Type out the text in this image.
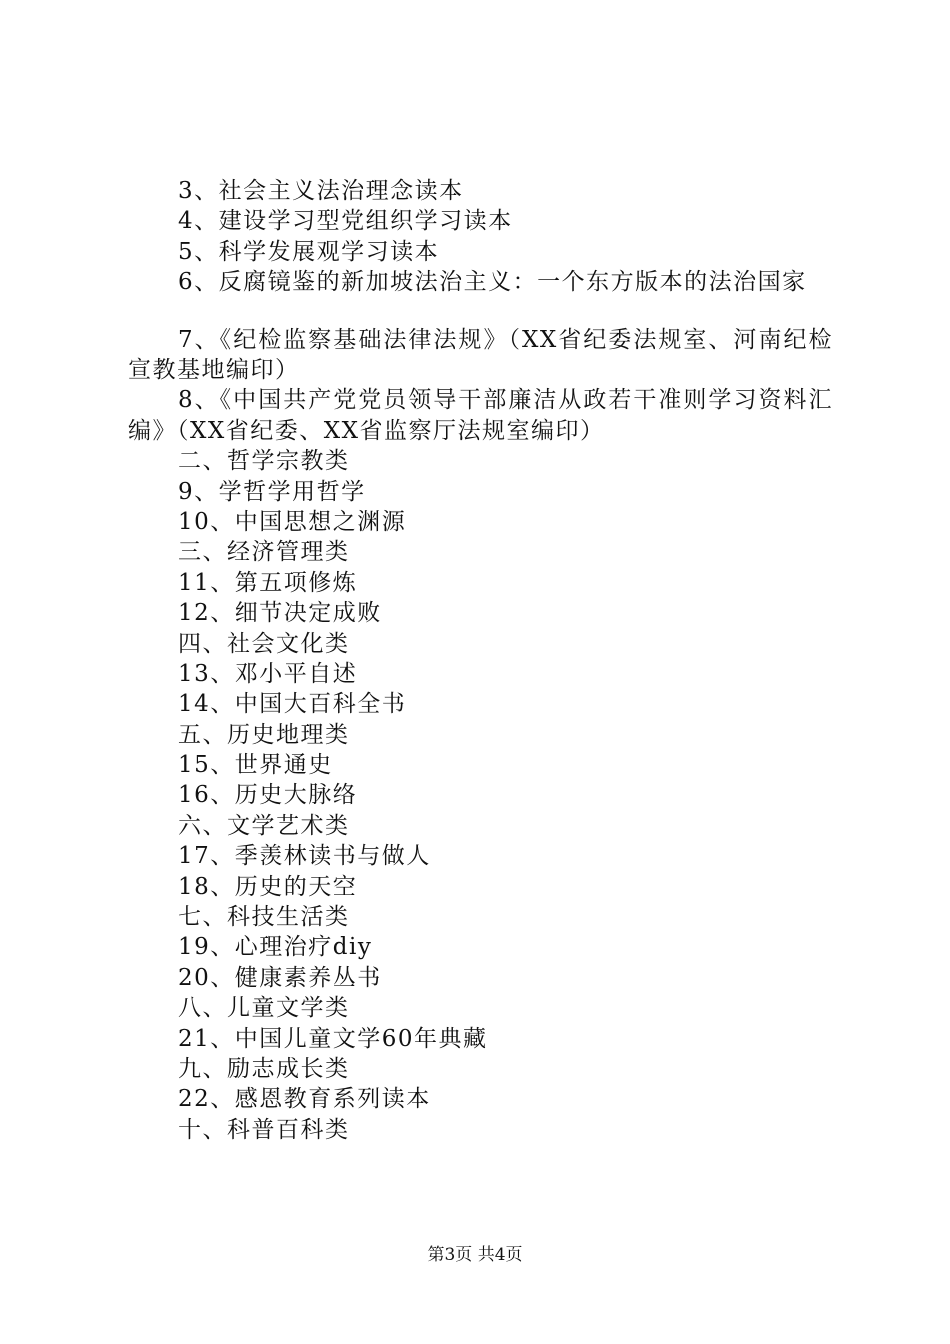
3、社会主义法治理念读本
4、建设学习型党组织学习读本
5、科学发展观学习读本
6、反腐镜鉴的新加坡法治主义：一个东方版本的法治国家
7、《纪检监察基础法律法规》（XX省纪委法规室、河南纪检宣教基地编印）
8、《中国共产党党员领导干部廉洁从政若干准则学习资料汇编》（XX省纪委、XX省监察厅法规室编印）
二、哲学宗教类
9、学哲学用哲学
10、中国思想之渊源
三、经济管理类
11、第五项修炼
12、细节决定成败
四、社会文化类
13、邓小平自述
14、中国大百科全书
五、历史地理类
15、世界通史
16、历史大脉络
六、文学艺术类
17、季羡林读书与做人
18、历史的天空
七、科技生活类
19、心理治疗diy
20、健康素养丛书
八、儿童文学类
21、中国儿童文学60年典藏
九、励志成长类
22、感恩教育系列读本
十、科普百科类
第3页 共4页
